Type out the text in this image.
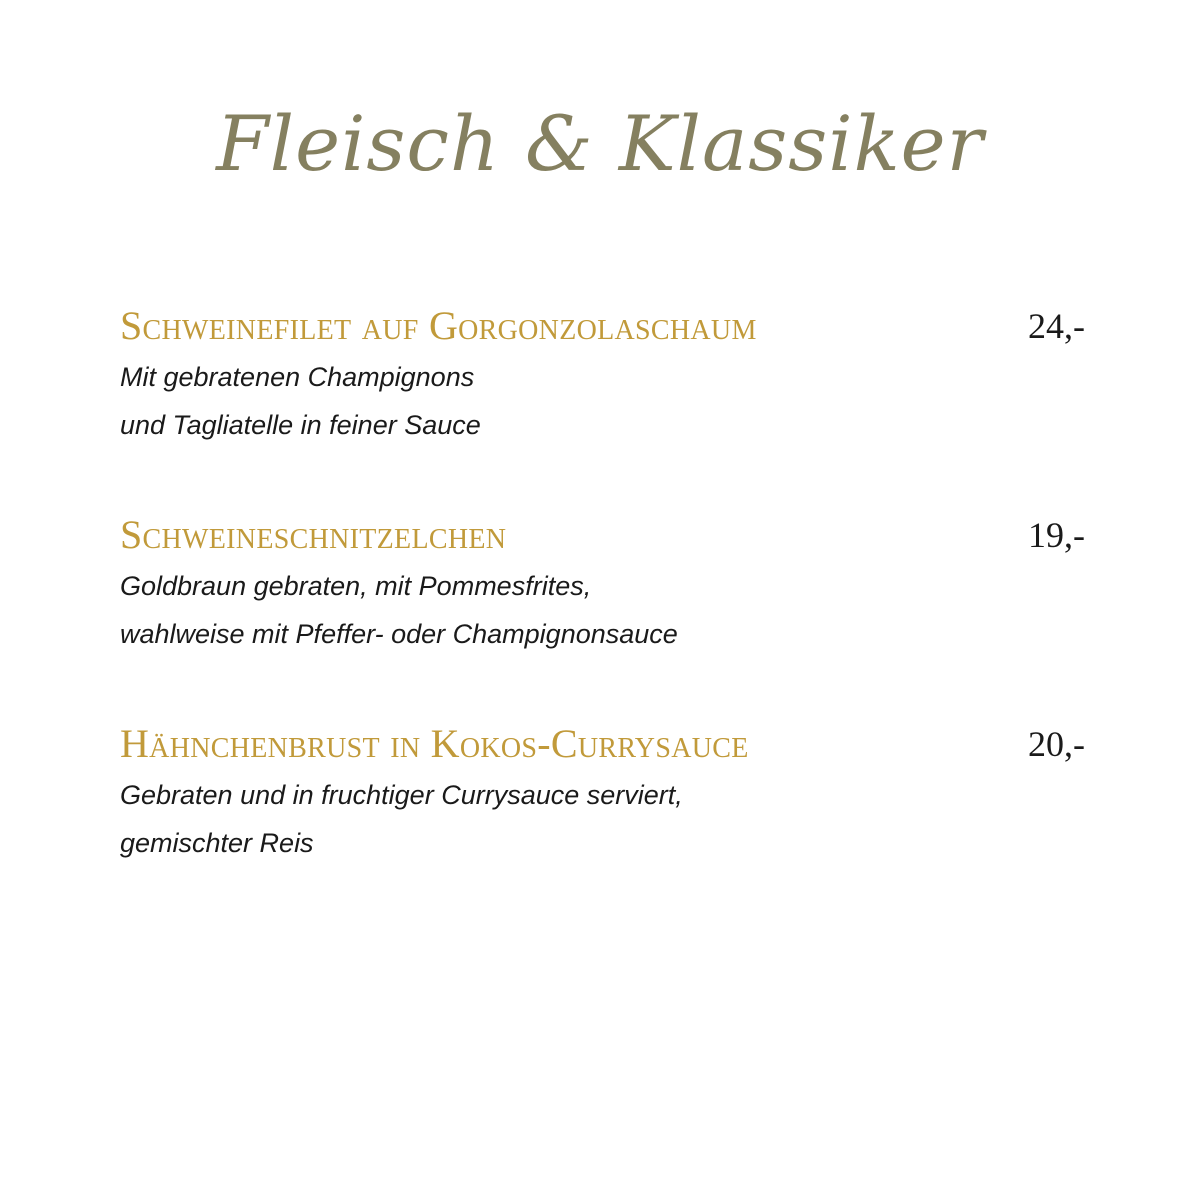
Fleisch & Klassiker
Schweinefilet auf Gorgonzolaschaum	24,-
Mit gebratenen Champignons
und Tagliatelle in feiner Sauce
Schweineschnitzelchen	19,-
Goldbraun gebraten, mit Pommesfrites,
wahlweise mit Pfeffer- oder Champignonsauce
Hähnchenbrust in Kokos-Currysauce	20,-
Gebraten und in fruchtiger Currysauce serviert,
gemischter Reis
